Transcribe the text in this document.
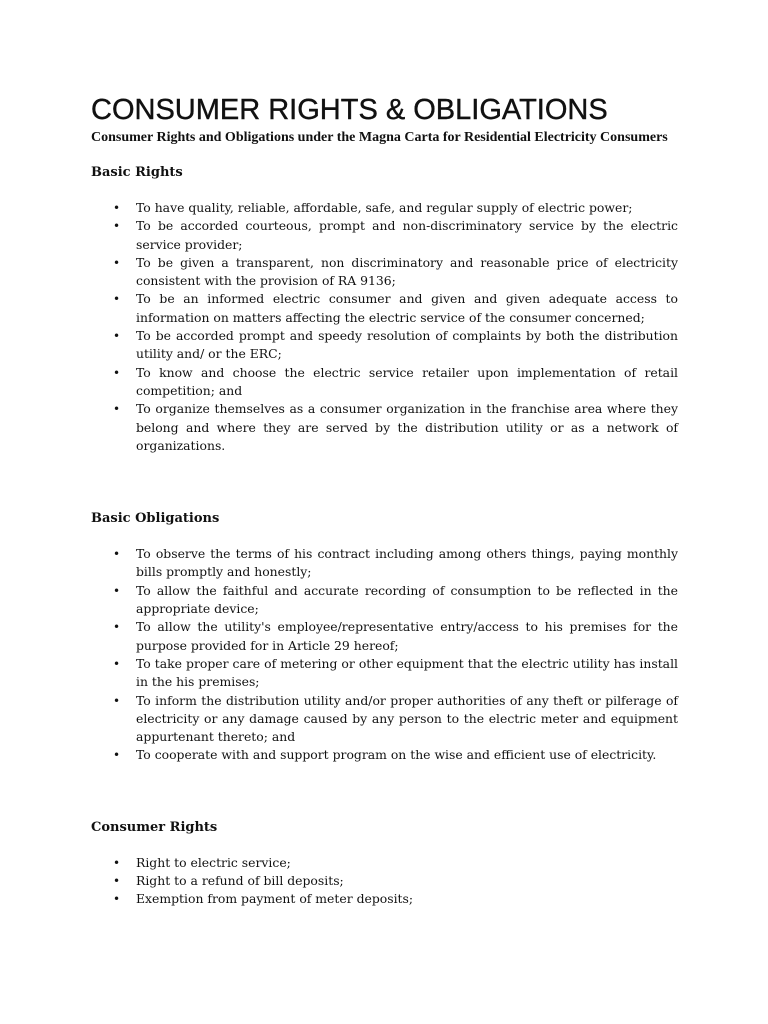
CONSUMER RIGHTS & OBLIGATIONS

Consumer Rights and Obligations under the Magna Carta for Residential Electricity Consumers

Basic Rights
• To have quality, reliable, affordable, safe, and regular supply of electric power;
• To be accorded courteous, prompt and non-discriminatory service by the electric service provider;
• To be given a transparent, non discriminatory and reasonable price of electricity consistent with the provision of RA 9136;
• To be an informed electric consumer and given and given adequate access to information on matters affecting the electric service of the consumer concerned;
• To be accorded prompt and speedy resolution of complaints by both the distribution utility and/ or the ERC;
• To know and choose the electric service retailer upon implementation of retail competition; and
• To organize themselves as a consumer organization in the franchise area where they belong and where they are served by the distribution utility or as a network of organizations.
Basic Obligations
• To observe the terms of his contract including among others things, paying monthly bills promptly and honestly;
• To allow the faithful and accurate recording of consumption to be reflected in the appropriate device;
• To allow the utility's employee/representative entry/access to his premises for the purpose provided for in Article 29 hereof;
• To take proper care of metering or other equipment that the electric utility has install in the his premises;
• To inform the distribution utility and/or proper authorities of any theft or pilferage of electricity or any damage caused by any person to the electric meter and equipment appurtenant thereto; and
• To cooperate with and support program on the wise and efficient use of electricity.
Consumer Rights
• Right to electric service;
• Right to a refund of bill deposits;
• Exemption from payment of meter deposits;
